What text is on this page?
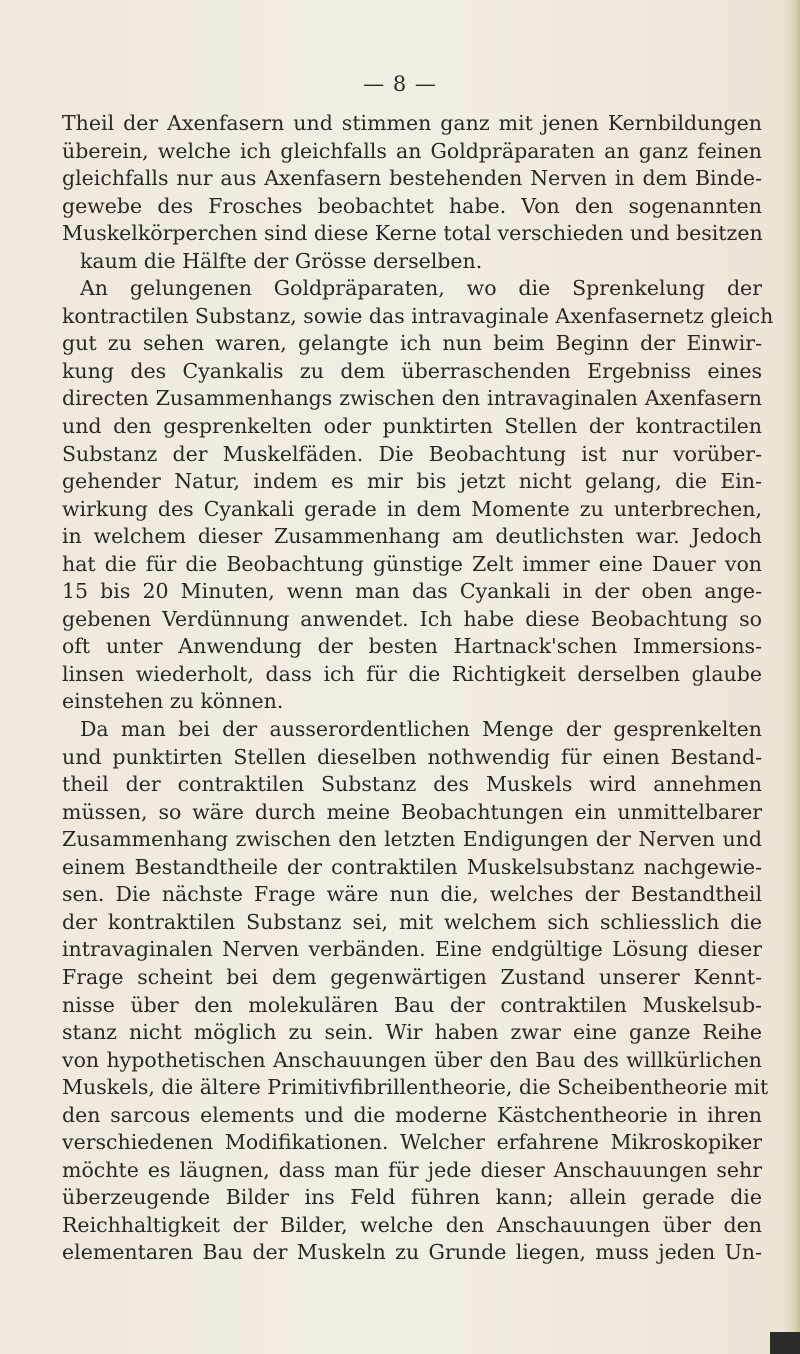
— 8 —
Theil der Axenfasern und stimmen ganz mit jenen Kernbildungen
überein, welche ich gleichfalls an Goldpräparaten an ganz feinen
gleichfalls nur aus Axenfasern bestehenden Nerven in dem Binde-
gewebe des Frosches beobachtet habe. Von den sogenannten
Muskelkörperchen sind diese Kerne total verschieden und besitzen
kaum die Hälfte der Grösse derselben.
An gelungenen Goldpräparaten, wo die Sprenkelung der
kontractilen Substanz, sowie das intravaginale Axenfasernetz gleich
gut zu sehen waren, gelangte ich nun beim Beginn der Einwir-
kung des Cyankalis zu dem überraschenden Ergebniss eines
directen Zusammenhangs zwischen den intravaginalen Axenfasern
und den gesprenkelten oder punktirten Stellen der kontractilen
Substanz der Muskelfäden. Die Beobachtung ist nur vorüber-
gehender Natur, indem es mir bis jetzt nicht gelang, die Ein-
wirkung des Cyankali gerade in dem Momente zu unterbrechen,
in welchem dieser Zusammenhang am deutlichsten war. Jedoch
hat die für die Beobachtung günstige Zelt immer eine Dauer von
15 bis 20 Minuten, wenn man das Cyankali in der oben ange-
gebenen Verdünnung anwendet. Ich habe diese Beobachtung so
oft unter Anwendung der besten Hartnack'schen Immersions-
linsen wiederholt, dass ich für die Richtigkeit derselben glaube
einstehen zu können.
Da man bei der ausserordentlichen Menge der gesprenkelten
und punktirten Stellen dieselben nothwendig für einen Bestand-
theil der contraktilen Substanz des Muskels wird annehmen
müssen, so wäre durch meine Beobachtungen ein unmittelbarer
Zusammenhang zwischen den letzten Endigungen der Nerven und
einem Bestandtheile der contraktilen Muskelsubstanz nachgewie-
sen. Die nächste Frage wäre nun die, welches der Bestandtheil
der kontraktilen Substanz sei, mit welchem sich schliesslich die
intravaginalen Nerven verbänden. Eine endgültige Lösung dieser
Frage scheint bei dem gegenwärtigen Zustand unserer Kennt-
nisse über den molekulären Bau der contraktilen Muskelsub-
stanz nicht möglich zu sein. Wir haben zwar eine ganze Reihe
von hypothetischen Anschauungen über den Bau des willkürlichen
Muskels, die ältere Primitivfibrillentheorie, die Scheibentheorie mit
den sarcous elements und die moderne Kästchentheorie in ihren
verschiedenen Modifikationen. Welcher erfahrene Mikroskopiker
möchte es läugnen, dass man für jede dieser Anschauungen sehr
überzeugende Bilder ins Feld führen kann; allein gerade die
Reichhaltigkeit der Bilder, welche den Anschauungen über den
elementaren Bau der Muskeln zu Grunde liegen, muss jeden Un-
